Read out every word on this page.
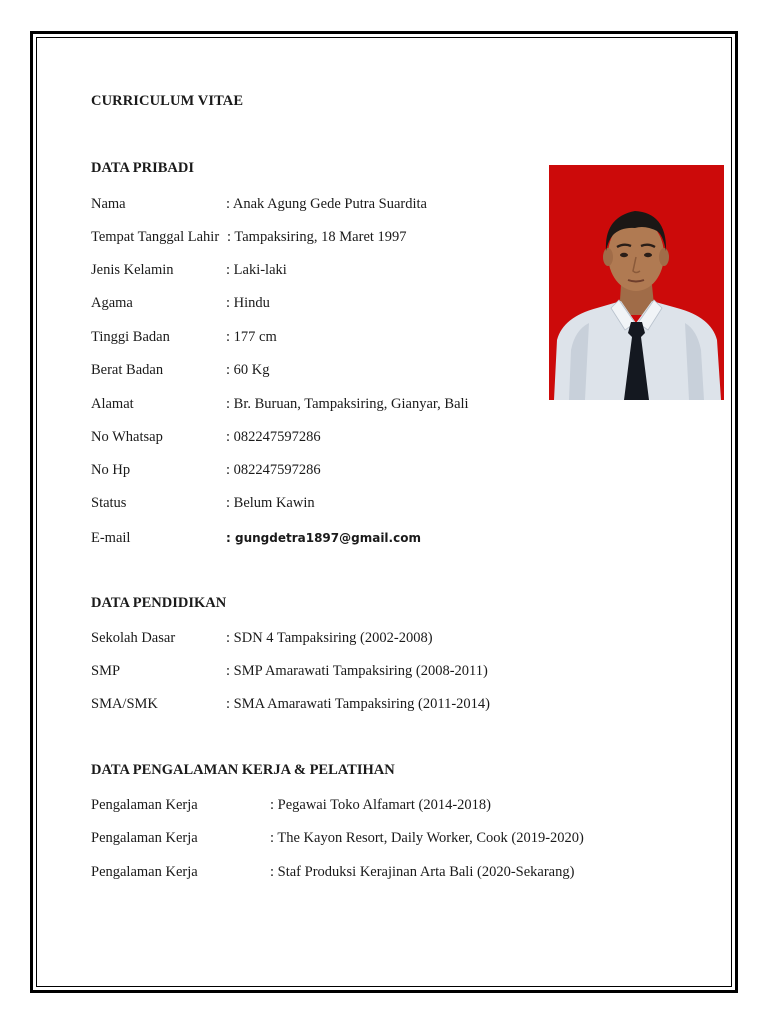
CURRICULUM VITAE
DATA PRIBADI
Nama	: Anak Agung Gede Putra Suardita
Tempat Tanggal Lahir : Tampaksiring, 18 Maret 1997
Jenis Kelamin	: Laki-laki
Agama	: Hindu
Tinggi Badan	: 177 cm
Berat Badan	: 60 Kg
Alamat	: Br. Buruan, Tampaksiring, Gianyar, Bali
No Whatsap	: 082247597286
No Hp	: 082247597286
Status	: Belum Kawin
E-mail	: gungdetra1897@gmail.com
DATA PENDIDIKAN
Sekolah Dasar	: SDN 4 Tampaksiring (2002-2008)
SMP	: SMP Amarawati Tampaksiring (2008-2011)
SMA/SMK	: SMA Amarawati Tampaksiring (2011-2014)
DATA PENGALAMAN KERJA & PELATIHAN
Pengalaman Kerja	: Pegawai Toko Alfamart (2014-2018)
Pengalaman Kerja	: The Kayon Resort, Daily Worker, Cook (2019-2020)
Pengalaman Kerja	: Staf Produksi Kerajinan Arta Bali (2020-Sekarang)
